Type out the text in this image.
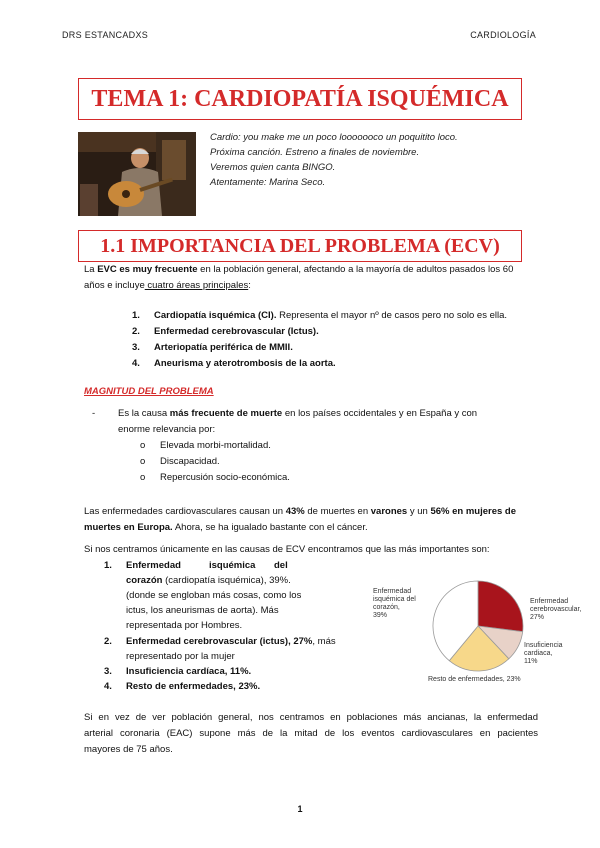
DRS ESTANCADXS	CARDIOLOGÍA
TEMA 1: CARDIOPATÍA ISQUÉMICA
Cardio: you make me un poco looooooco un poquitito loco.
Próxima canción. Estreno a finales de noviembre.
Veremos quien canta BINGO.
Atentamente: Marina Seco.
1.1 IMPORTANCIA DEL PROBLEMA (ECV)
La EVC es muy frecuente en la población general, afectando a la mayoría de adultos pasados los 60
años e incluye cuatro áreas principales:
1. Cardiopatía isquémica (CI). Representa el mayor nº de casos pero no solo es ella.
2. Enfermedad cerebrovascular (Ictus).
3. Arteriopatía periférica de MMII.
4. Aneurisma y aterotrombosis de la aorta.
MAGNITUD DEL PROBLEMA
- Es la causa más frecuente de muerte en los países occidentales y en España y con
enorme relevancia por:
o Elevada morbi-mortalidad.
o Discapacidad.
o Repercusión socio-económica.
Las enfermedades cardiovasculares causan un 43% de muertes en varones y un 56% en mujeres de
muertes en Europa. Ahora, se ha igualado bastante con el cáncer.
Si nos centramos únicamente en las causas de ECV encontramos que las más importantes son:
1. Enfermedad	isquémica del
corazón (cardiopatía isquémica), 39%.
(donde se engloban más cosas, como los
ictus, los aneurismas de aorta). Más
representada por Hombres.
2. Enfermedad cerebrovascular (ictus), 27%, más
representado por la mujer
3. Insuficiencia cardíaca, 11%.
4. Resto de enfermedades, 23%.
Enfermedad
isquémica del
corazón,
39%
Enfermedad
cerebrovascular,
27%
Insuficiencia
cardiaca,
11%
Resto de enfermedades, 23%
Si en vez de ver población general, nos centramos en poblaciones más ancianas, la enfermedad
arterial coronaria (EAC) supone más de la mitad de los eventos cardiovasculares en pacientes
mayores de 75 años.
1
